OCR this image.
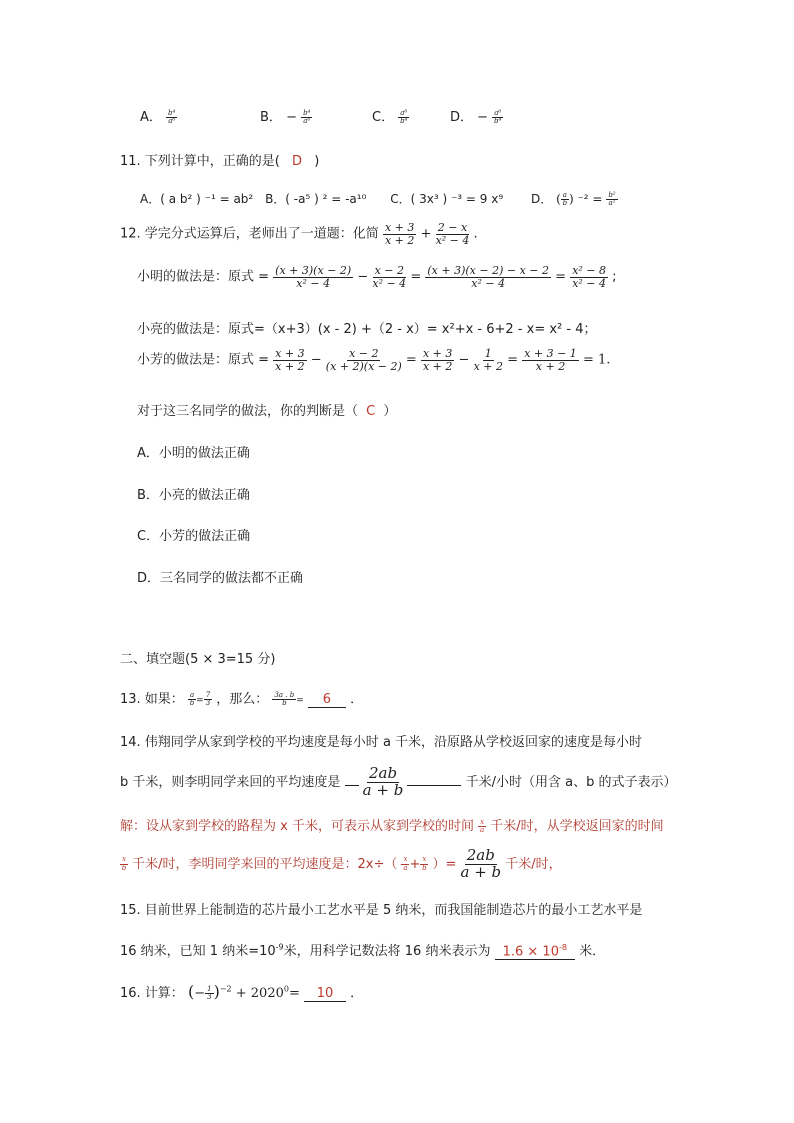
A． $\frac{\text{b⁴}}{\text{a⁶}}$	B． − $\frac{\text{b⁴}}{\text{a⁶}}$	C． $\frac{\text{a⁶}}{\text{b⁴}}$	D． − $\frac{\text{a⁶}}{\text{b⁴}}$
11. 下列计算中，正确的是( D )
A．( a b² ) ⁻¹ = ab² B．( -a⁵ ) ² = -a¹⁰ C．( 3x³ ) ⁻³ = 9 x⁹ D． ( $\frac{a}{b}$ ) $^{-2} = \frac{\text{b²}}{\text{a²}}$
12. 学完分式运算后，老师出了一道题：化简 $\frac{x + 3}{x + 2} + \frac{2 - x}{\text{x² − 4}}$ .
小明的做法是：原式 = $\frac{(x + 3)(x - 2)}{\text{x² − 4}} - \frac{x - 2}{\text{x² − 4}} = \frac{(x + 3)(x - 2) - x - 2}{\text{x² − 4}} = \frac{\text{x² − 8}}{\text{x² − 4}}$ ;
小亮的做法是：原式=（x+3）(x - 2) +（2 - x）= x²+x - 6+2 - x= x² - 4；
小芳的做法是：原式 = $\frac{x + 3}{x + 2} - \frac{x - 2}{(x + 2)(x - 2)} = \frac{x + 3}{x + 2} - \frac{1}{x + 2} = \frac{x + 3 - 1}{x + 2} = 1$.
对于这三名同学的做法，你的判断是（ C ）
A．小明的做法正确
B．小亮的做法正确
C．小芳的做法正确
D．三名同学的做法都不正确
二、填空题(5 × 3=15 分)
13. 如果： $\frac{a}{b} = \frac{7}{3}$ ，那么： $\frac{3a . b}{b} = 6$ ．
14. 伟翔同学从家到学校的平均速度是每小时 a 千米，沿原路从学校返回家的速度是每小时
b 千米，则李明同学来回的平均速度是 $\frac{2ab}{a + b}$	千米/小时（用含 a、b 的式子表示）
解：设从家到学校的路程为 x 千米，可表示从家到学校的时间 $\frac{x}{a}$ 千米/时，从学校返回家的时间
$\frac{x}{b}$ 千米/时，李明同学来回的平均速度是：$2x\div( \frac{x}{a} + \frac{x}{b}$ ）= $\frac{2ab}{a + b}$ 千米/时，
15. 目前世界上能制造的芯片最小工艺水平是 5 纳米，而我国能制造芯片的最小工艺水平是
16 纳米，已知 1 纳米$=10^{-9}$米，用科学记数法将 16 纳米表示为 $1.6 \times 10^{-8}$ 米．
16. 计算： (− $\frac{1}{3} )^{-2} + 2020^0= 10$ ．
